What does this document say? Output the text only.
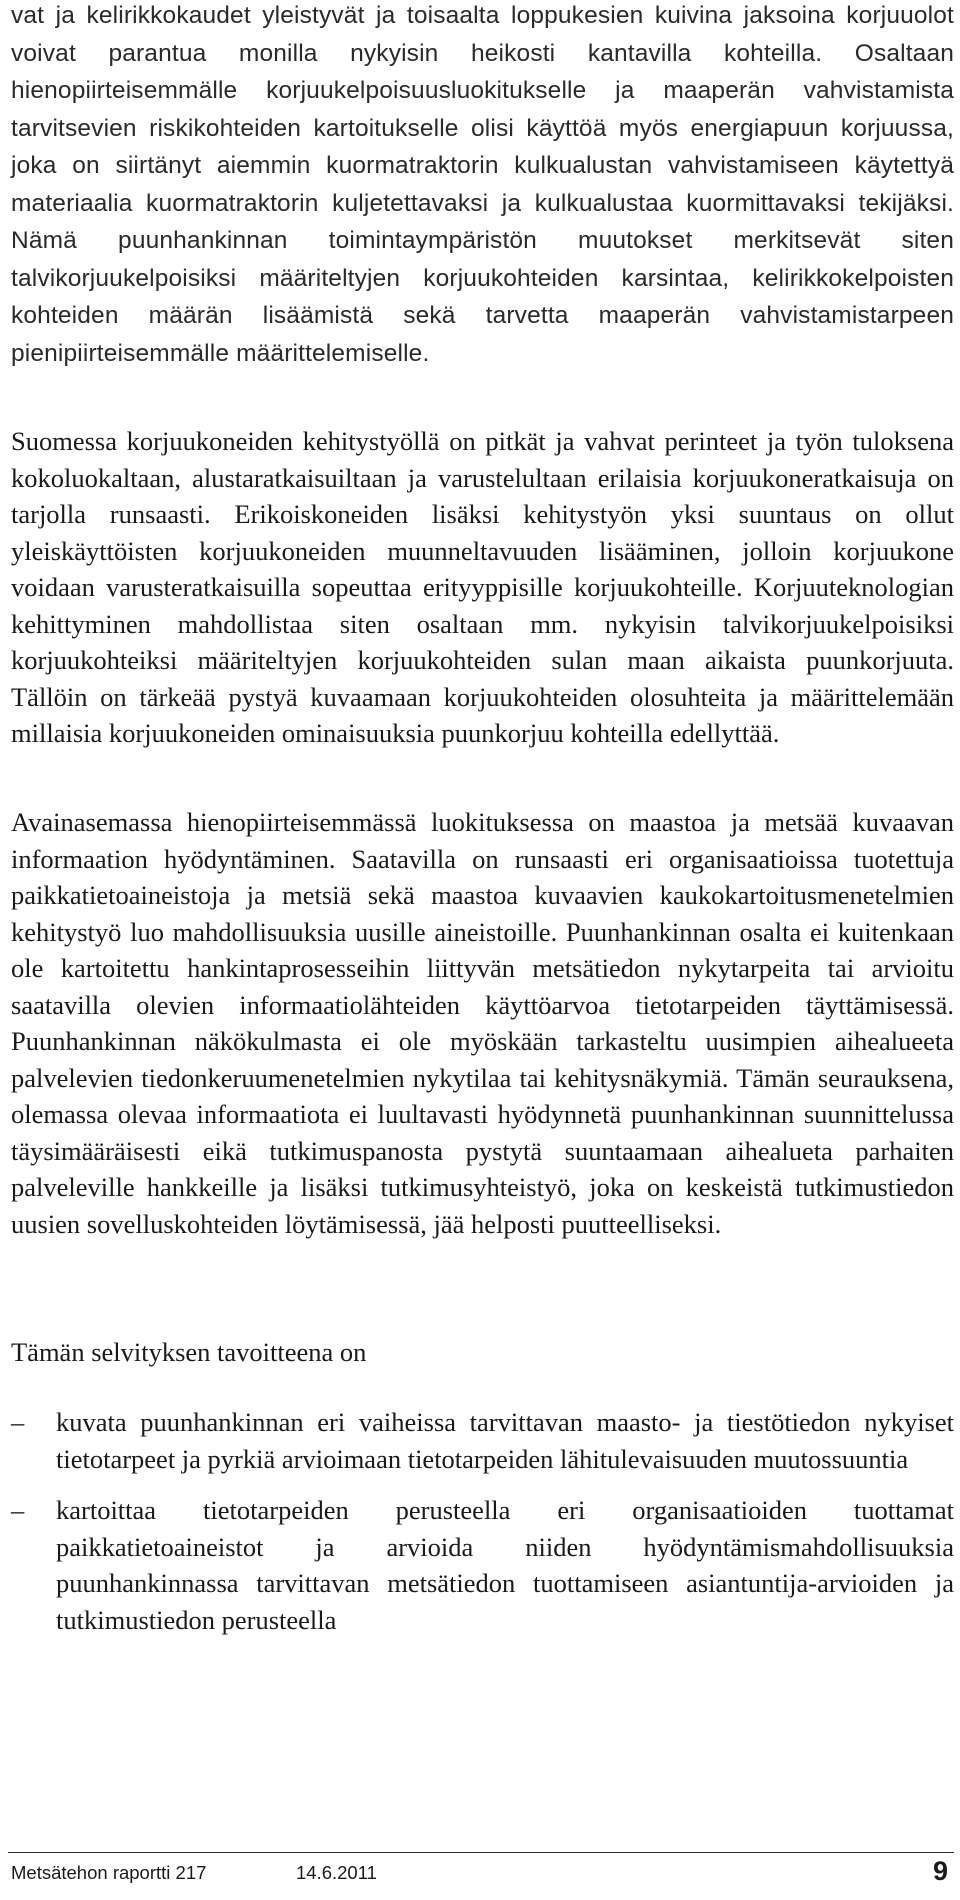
vat ja kelirikkokaudet yleistyvät ja toisaalta loppukesien kuivina jaksoina korjuuolot voivat parantua monilla nykyisin heikosti kantavilla kohteilla. Osaltaan hienopiirteisemmälle korjuukelpoisuusluokitukselle ja maaperän vahvistamista tarvitsevien riskikohteiden kartoitukselle olisi käyttöä myös energiapuun korjuussa, joka on siirtänyt aiemmin kuormatraktorin kulkualustan vahvistamiseen käytettyä materiaalia kuormatraktorin kuljetettavaksi ja kulkualustaa kuormittavaksi tekijäksi. Nämä puunhankinnan toimintaympäristön muutokset merkitsevät siten talvikorjuukelpoisiksi määriteltyjen korjuukohteiden karsintaa, kelirikkokelpoisten kohteiden määrän lisäämistä sekä tarvetta maaperän vahvistamistarpeen pienipiirteisemmälle määrittelemiselle.

Suomessa korjuukoneiden kehitystyöllä on pitkät ja vahvat perinteet ja työn tuloksena kokoluokaltaan, alustaratkaisuiltaan ja varustelultaan erilaisia korjuukoneratkaisuja on tarjolla runsaasti. Erikoiskoneiden lisäksi kehitystyön yksi suuntaus on ollut yleiskäyttöisten korjuukoneiden muunneltavuuden lisääminen, jolloin korjuukone voidaan varusteratkaisuilla sopeuttaa erityyppisille korjuukohteille. Korjuuteknologian kehittyminen mahdollistaa siten osaltaan mm. nykyisin talvikorjuukelpoisiksi korjuukohteiksi määriteltyjen korjuukohteiden sulan maan aikaista puunkorjuuta. Tällöin on tärkeää pystyä kuvaamaan korjuukohteiden olosuhteita ja määrittelemään millaisia korjuukoneiden ominaisuuksia puunkorjuu kohteilla edellyttää.

Avainasemassa hienopiirteisemmässä luokituksessa on maastoa ja metsää kuvaavan informaation hyödyntäminen. Saatavilla on runsaasti eri organisaatioissa tuotettuja paikkatietoaineistoja ja metsiä sekä maastoa kuvaavien kaukokartoitusmenetelmien kehitystyö luo mahdollisuuksia uusille aineistoille. Puunhankinnan osalta ei kuitenkaan ole kartoitettu hankintaprosesseihin liittyvän metsätiedon nykytarpeita tai arvioitu saatavilla olevien informaatiolähteiden käyttöarvoa tietotarpeiden täyttämisessä. Puunhankinnan näkökulmasta ei ole myöskään tarkasteltu uusimpien aihealueeta palvelevien tiedonkeruumenetelmien nykytilaa tai kehitysnäkymiä. Tämän seurauksena, olemassa olevaa informaatiota ei luultavasti hyödynnetä puunhankinnan suunnittelussa täysimääräisesti eikä tutkimuspanosta pystytä suuntaamaan aihealueta parhaiten palveleville hankkeille ja lisäksi tutkimusyhteistyö, joka on keskeistä tutkimustiedon uusien sovelluskohteiden löytämisessä, jää helposti puutteelliseksi.

Tämän selvityksen tavoitteena on

– kuvata puunhankinnan eri vaiheissa tarvittavan maasto- ja tiestötiedon nykyiset tietotarpeet ja pyrkiä arvioimaan tietotarpeiden lähitulevaisuuden muutossuuntia
– kartoittaa tietotarpeiden perusteella eri organisaatioiden tuottamat paikkatietoaineistot ja arvioida niiden hyödyntämismahdollisuuksia puunhankinnassa tarvittavan metsätiedon tuottamiseen asiantuntija-arvioiden ja tutkimustiedon perusteella
Metsätehon raportti 217	14.6.2011	9
